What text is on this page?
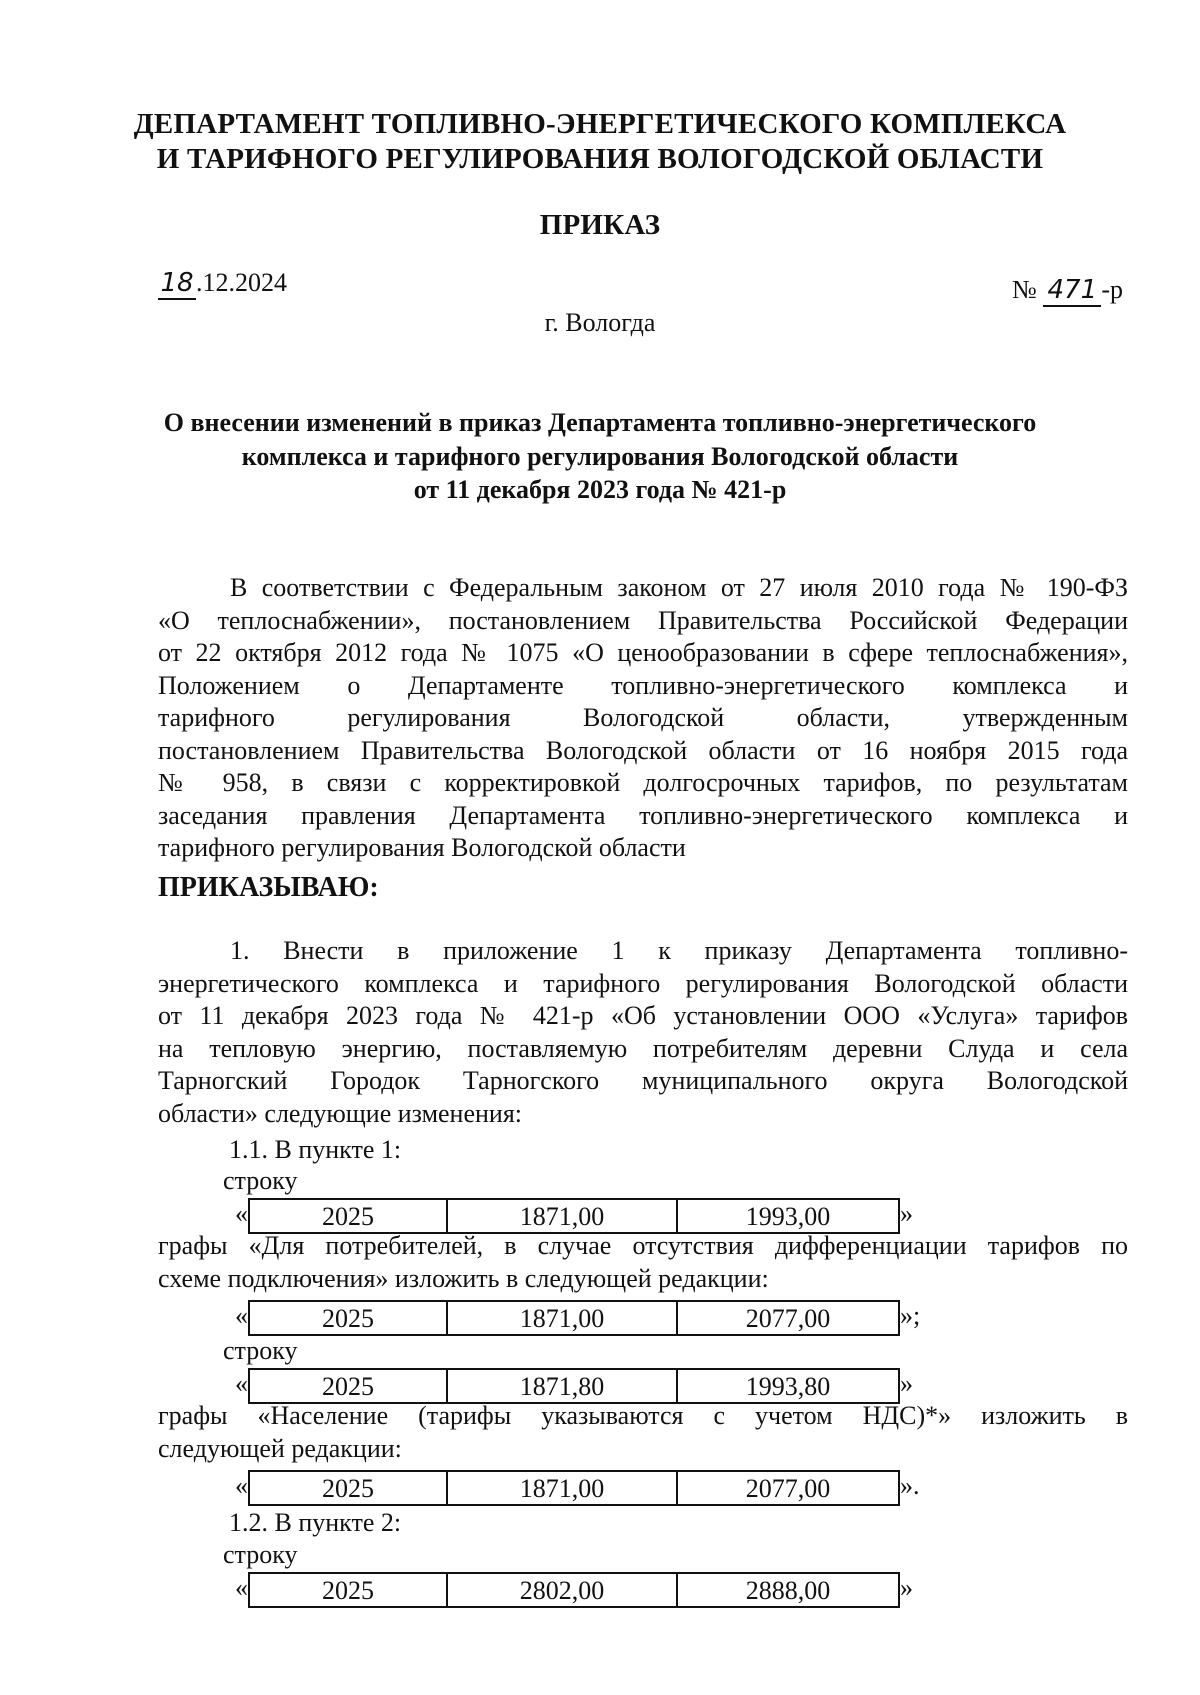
ДЕПАРТАМЕНТ ТОПЛИВНО-ЭНЕРГЕТИЧЕСКОГО КОМПЛЕКСА
И ТАРИФНОГО РЕГУЛИРОВАНИЯ ВОЛОГОДСКОЙ ОБЛАСТИ
ПРИКАЗ
18.12.2024	№ 471 -р
г. Вологда
О внесении изменений в приказ Департамента топливно-энергетического
комплекса и тарифного регулирования Вологодской области
от 11 декабря 2023 года № 421-р
В соответствии с Федеральным законом от 27 июля 2010 года № 190-ФЗ
«О теплоснабжении», постановлением Правительства Российской Федерации
от 22 октября 2012 года № 1075 «О ценообразовании в сфере теплоснабжения»,
Положением о Департаменте топливно-энергетического комплекса и
тарифного регулирования Вологодской области, утвержденным
постановлением Правительства Вологодской области от 16 ноября 2015 года
№ 958, в связи с корректировкой долгосрочных тарифов, по результатам
заседания правления Департамента топливно-энергетического комплекса и
тарифного регулирования Вологодской области
ПРИКАЗЫВАЮ:
1. Внести в приложение 1 к приказу Департамента топливно-
энергетического комплекса и тарифного регулирования Вологодской области
от 11 декабря 2023 года № 421-р «Об установлении ООО «Услуга» тарифов
на тепловую энергию, поставляемую потребителям деревни Слуда и села
Тарногский Городок Тарногского муниципального округа Вологодской
области» следующие изменения:
1.1. В пункте 1:
строку
«	2025	1871,00	1993,00	»
графы «Для потребителей, в случае отсутствия дифференциации тарифов по
схеме подключения» изложить в следующей редакции:
«	2025	1871,00	2077,00	»;
строку
«	2025	1871,80	1993,80	»
графы «Население (тарифы указываются с учетом НДС)*» изложить в
следующей редакции:
«	2025	1871,00	2077,00	».
1.2. В пункте 2:
строку
«	2025	2802,00	2888,00	»
